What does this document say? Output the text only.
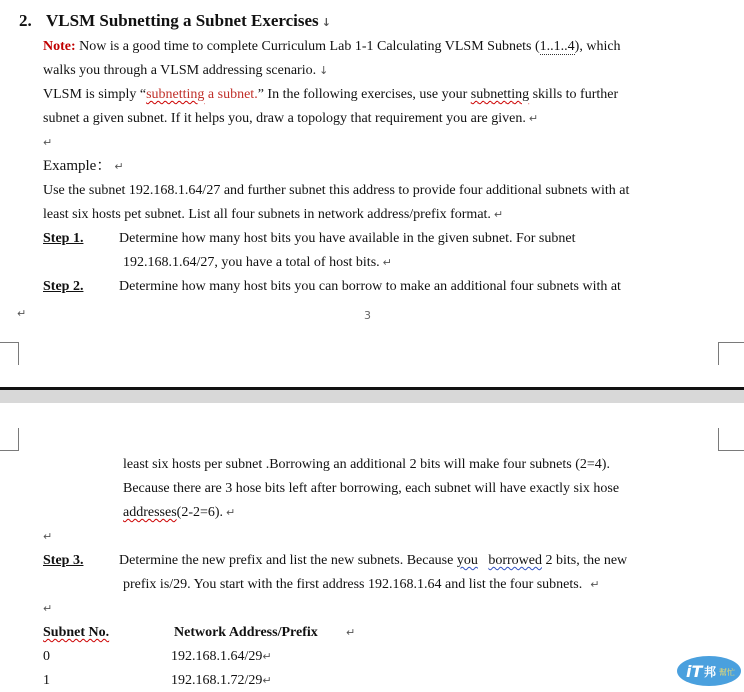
2. VLSM Subnetting a Subnet Exercises ↓
Note: Now is a good time to complete Curriculum Lab 1-1 Calculating VLSM Subnets (1..1..4), which
walks you through a VLSM addressing scenario. ↓
VLSM is simply “subnetting a subnet.” In the following exercises, use your subnetting skills to further
subnet a given subnet. If it helps you, draw a topology that requirement you are given. ↵
↵
Example： ↵
Use the subnet 192.168.1.64/27 and further subnet this address to provide four additional subnets with at
least six hosts pet subnet. List all four subnets in network address/prefix format. ↵
Step 1.	Determine how many host bits you have available in the given subnet. For subnet
192.168.1.64/27, you have a total of host bits. ↵
Step 2.	Determine how many host bits you can borrow to make an additional four subnets with at
↵	3
least six hosts per subnet .Borrowing an additional 2 bits will make four subnets (2=4).
Because there are 3 hose bits left after borrowing, each subnet will have exactly six hose
addresses(2-2=6). ↵
↵
Step 3.	Determine the new prefix and list the new subnets. Because you borrowed 2 bits, the new
prefix is/29. You start with the first address 192.168.1.64 and list the four subnets. ↵
↵
Subnet No.	Network Address/Prefix	↵
0	192.168.1.64/29↵
1	192.168.1.72/29↵	iT 邦 幫忙
